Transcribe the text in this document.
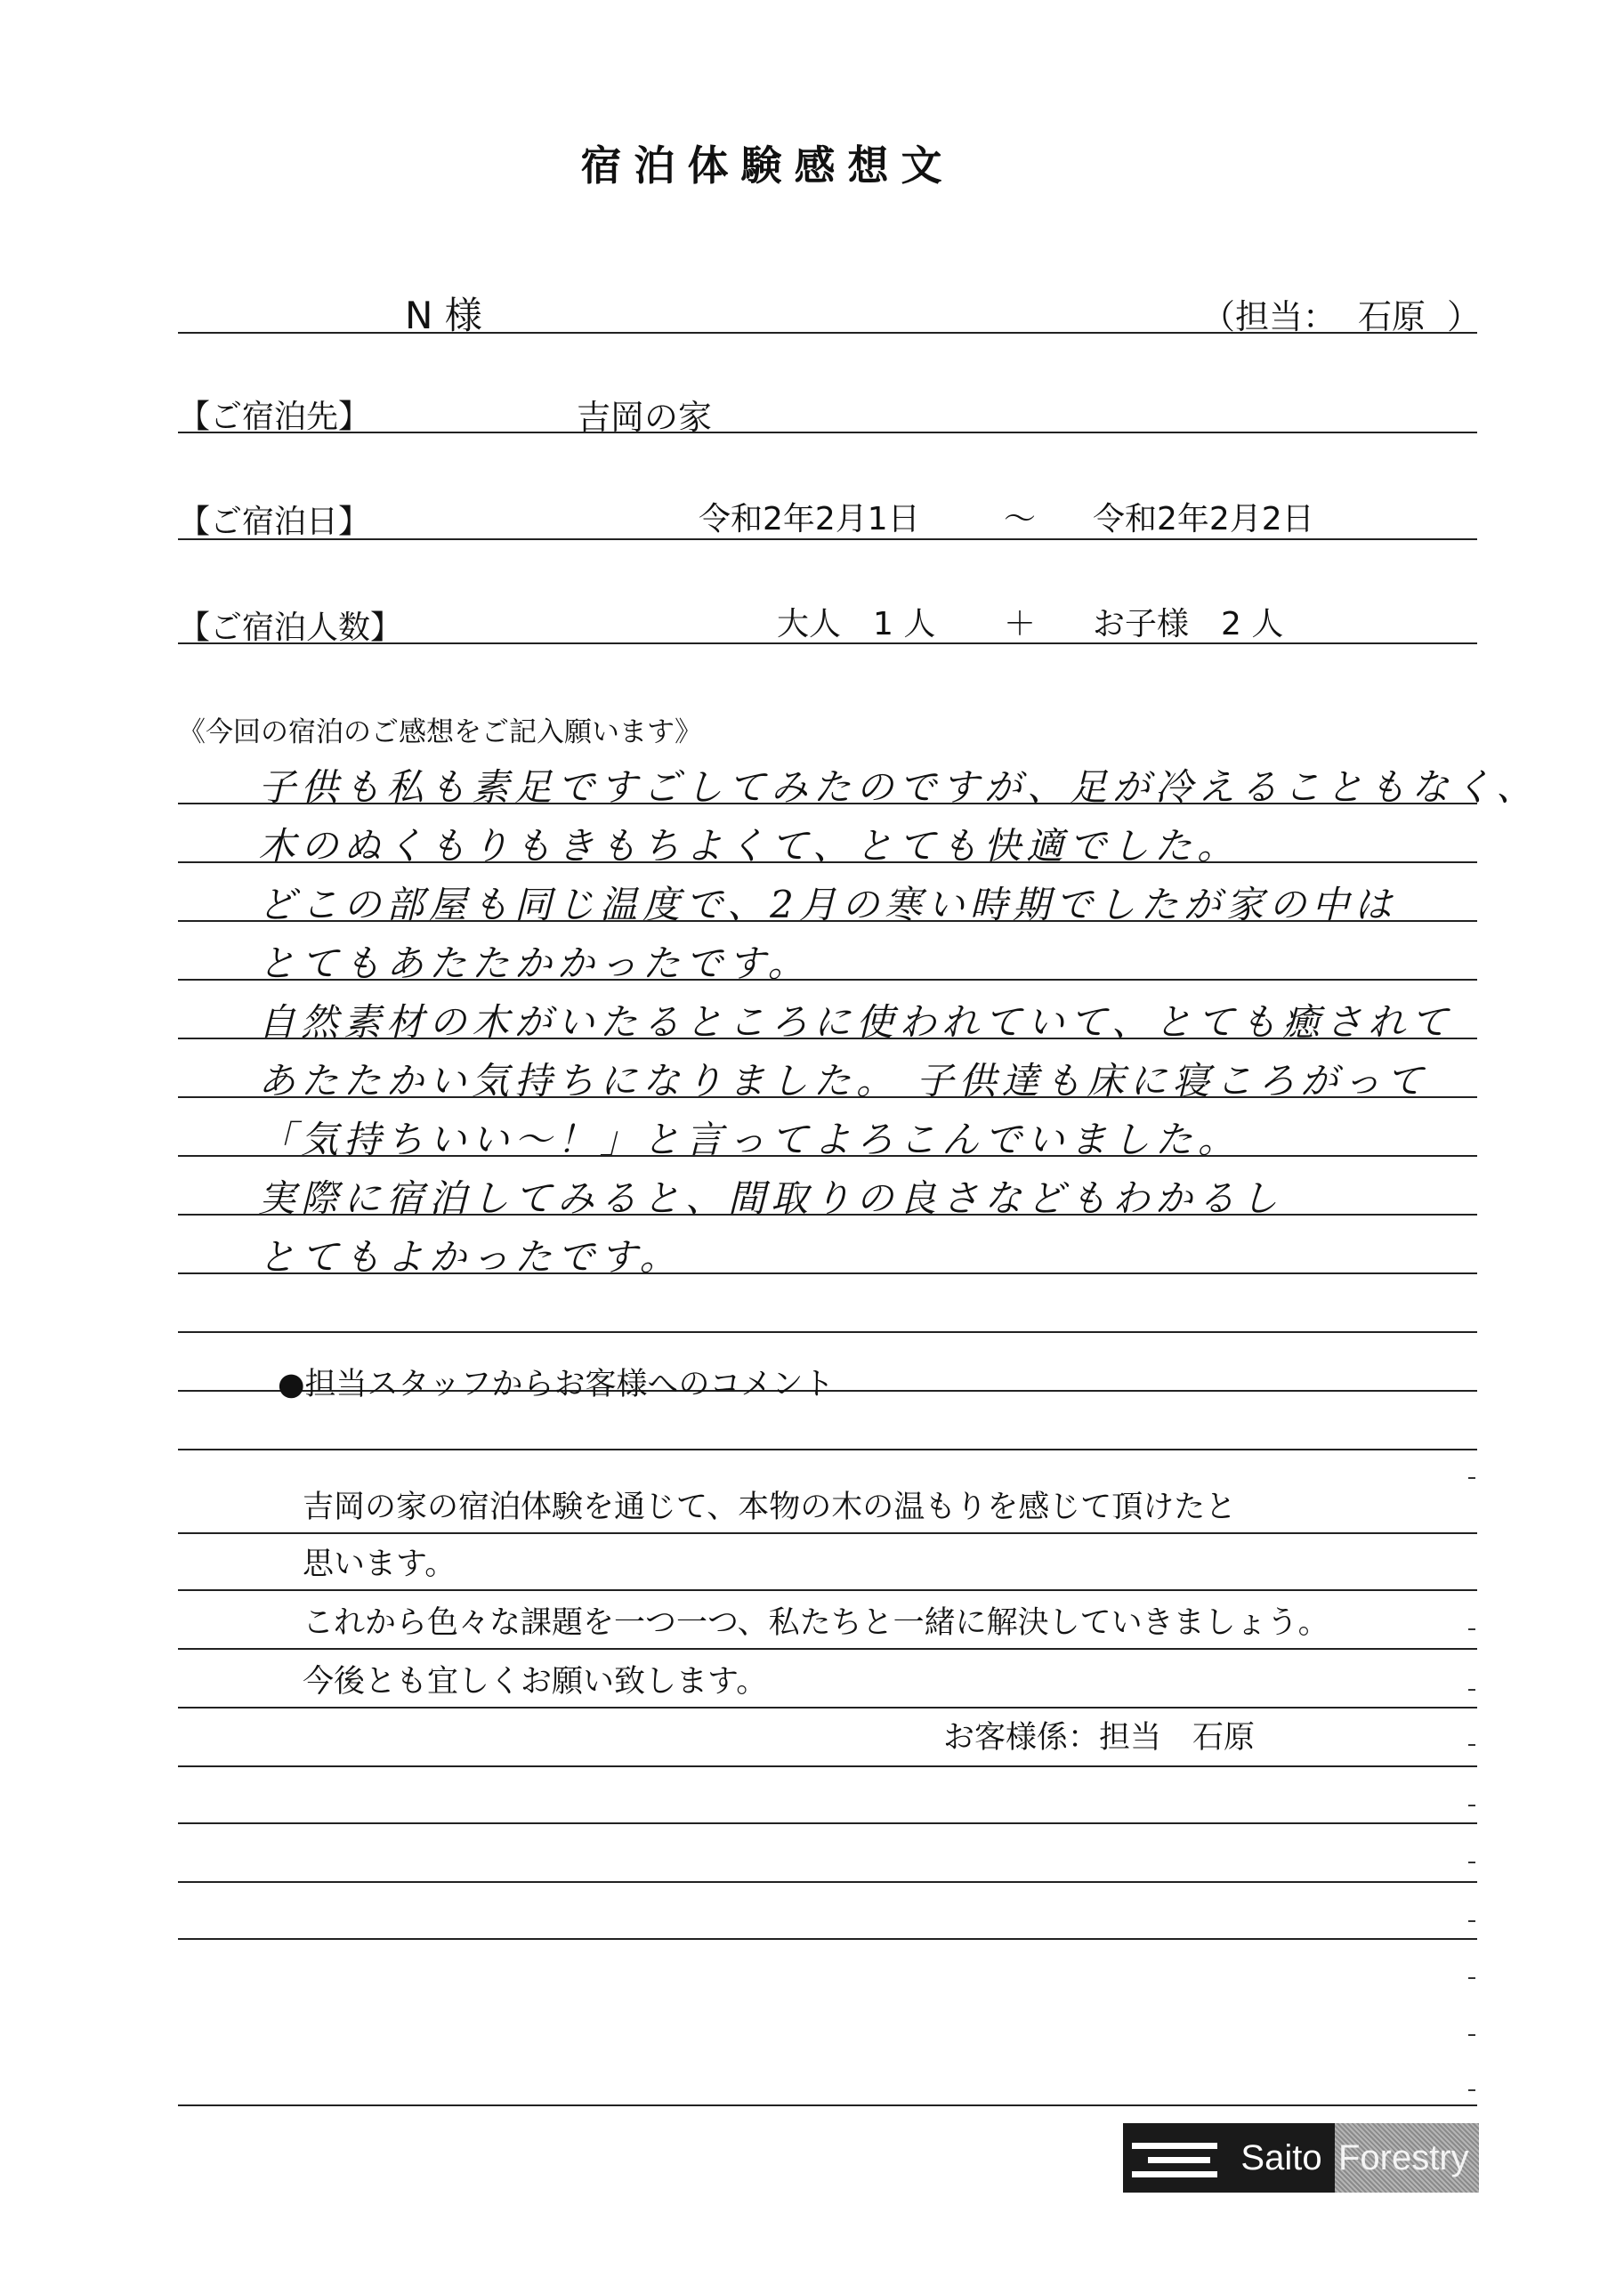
宿泊体験感想文
N 様	（担当： 石原 ）
【ご宿泊先】	吉岡の家
【ご宿泊日】	令和2年2月1日	～ 令和2年2月2日
【ご宿泊人数】	大人　1 人 ＋ お子様　2 人
《今回の宿泊のご感想をご記入願います》
子供も私も素足ですごしてみたのですが、足が冷えることもなく、
木のぬくもりもきもちよくて、とても快適でした。
どこの部屋も同じ温度で、2月の寒い時期でしたが家の中は
とてもあたたかかったです。
自然素材の木がいたるところに使われていて、とても癒されて
あたたかい気持ちになりました。 子供達も床に寝ころがって
「気持ちいい〜！」と言ってよろこんでいました。
実際に宿泊してみると、間取りの良さなどもわかるし
とてもよかったです。
●担当スタッフからお客様へのコメント
吉岡の家の宿泊体験を通じて、本物の木の温もりを感じて頂けたと
思います。
これから色々な課題を一つ一つ、私たちと一緒に解決していきましょう。
今後とも宜しくお願い致します。
お客様係：担当　石原
Saito Forestry
